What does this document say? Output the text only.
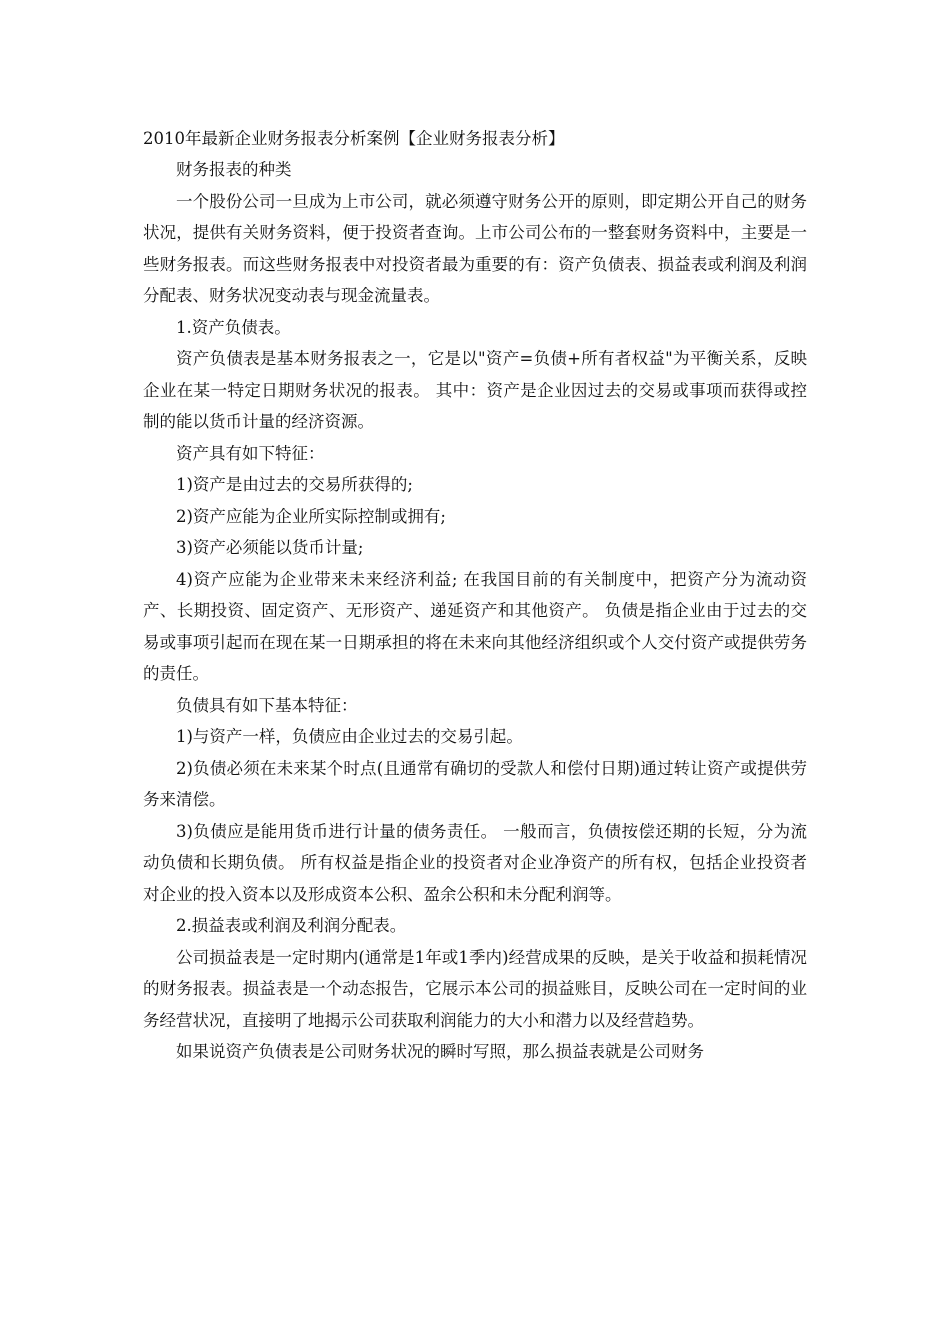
2010年最新企业财务报表分析案例【企业财务报表分析】

财务报表的种类

一个股份公司一旦成为上市公司，就必须遵守财务公开的原则，即定期公开自己的财务状况，提供有关财务资料，便于投资者查询。上市公司公布的一整套财务资料中，主要是一些财务报表。而这些财务报表中对投资者最为重要的有：资产负债表、损益表或利润及利润分配表、财务状况变动表与现金流量表。

1.资产负债表。

资产负债表是基本财务报表之一，它是以"资产=负债+所有者权益"为平衡关系，反映企业在某一特定日期财务状况的报表。 其中：资产是企业因过去的交易或事项而获得或控制的能以货币计量的经济资源。

资产具有如下特征：

1)资产是由过去的交易所获得的;

2)资产应能为企业所实际控制或拥有;

3)资产必须能以货币计量;

4)资产应能为企业带来未来经济利益; 在我国目前的有关制度中，把资产分为流动资产、长期投资、固定资产、无形资产、递延资产和其他资产。 负债是指企业由于过去的交易或事项引起而在现在某一日期承担的将在未来向其他经济组织或个人交付资产或提供劳务的责任。

负债具有如下基本特征：

1)与资产一样，负债应由企业过去的交易引起。

2)负债必须在未来某个时点(且通常有确切的受款人和偿付日期)通过转让资产或提供劳务来清偿。

3)负债应是能用货币进行计量的债务责任。 一般而言，负债按偿还期的长短，分为流动负债和长期负债。 所有权益是指企业的投资者对企业净资产的所有权，包括企业投资者对企业的投入资本以及形成资本公积、盈余公积和未分配利润等。

2.损益表或利润及利润分配表。

公司损益表是一定时期内(通常是1年或1季内)经营成果的反映，是关于收益和损耗情况的财务报表。损益表是一个动态报告，它展示本公司的损益账目，反映公司在一定时间的业务经营状况，直接明了地揭示公司获取利润能力的大小和潜力以及经营趋势。

如果说资产负债表是公司财务状况的瞬时写照，那么损益表就是公司财务
